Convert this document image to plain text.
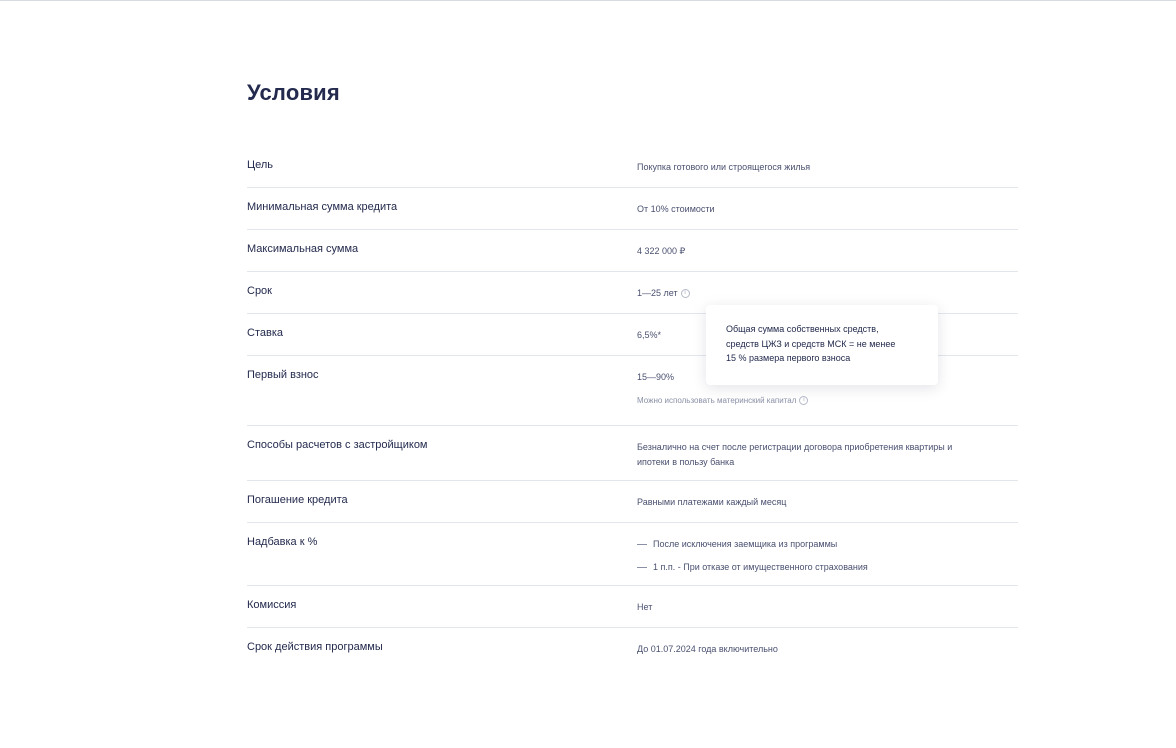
Условия
Цель	Покупка готового или строящегося жилья
Минимальная сумма кредита	От 10% стоимости
Максимальная сумма	4 322 000 ₽
Срок	1—25 лет i
Ставка	6,5%*
Первый взнос	15—90%
Можно использовать материнский капитал i
Способы расчетов с застройщиком	Безналично на счет после регистрации договора приобретения квартиры и
ипотеки в пользу банка
Погашение кредита	Равными платежами каждый месяц
Надбавка к %	После исключения заемщика из программы
1 п.п. - При отказе от имущественного страхования
Комиссия	Нет
Срок действия программы	До 01.07.2024 года включительно
Общая сумма собственных средств,
средств ЦЖЗ и средств МСК = не менее
15 % размера первого взноса
